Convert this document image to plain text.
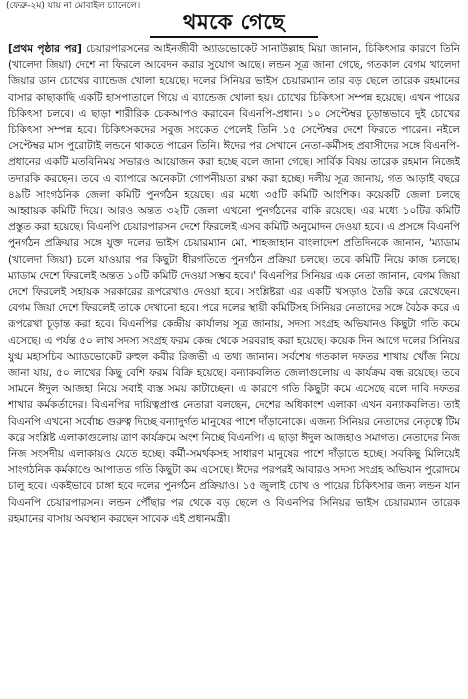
(ফেব্রু-২ম) যায় না মোবাইল চ্যানেলে।
থমকে গেছে

[প্রথম পৃষ্ঠার পর] চেয়ারপারসনের আইনজীবী অ্যাডভোকেট সানাউল্লাহ মিয়া জানান, চিকিৎসার কারণে তিনি (খালেদা জিয়া) দেশে না ফিরলে আবেদন করার সুযোগ আছে। লন্ডন সূত্র জানা গেছে, গতকাল বেগম খালেদা জিয়ার ডান চোখের ব্যান্ডেজ খোলা হয়েছে। দলের সিনিয়র ভাইস চেয়ারম্যান তার বড় ছেলে তারেক রহমানের বাসার কাছাকাছি একটি হাসপাতালে গিয়ে এ ব্যান্ডেজ খোলা হয়। চোখের চিকিৎসা সম্পন্ন হয়েছে। এখন পায়ের চিকিৎসা চলবে। এ ছাড়া শারীরিক চেকআপও করাবেন বিএনপি-প্রধান। ১০ সেপ্টেম্বর চূড়ান্তভাবে দুই চোখের চিকিৎসা সম্পন্ন হবে। চিকিৎসকদের সবুজ সংকেত পেলেই তিনি ১৫ সেপ্টেম্বর দেশে ফিরতে পারেন। নইলে সেপ্টেম্বর মাস পুরোটাই লন্ডনে থাকতে পারেন তিনি। ঈদের পর সেখানে নেতা-কর্মীসহ প্রবাসীদের সঙ্গে বিএনপি-প্রধানের একটি মতবিনিময় সভারও আয়োজন করা হচ্ছে বলে জানা গেছে। সার্বিক বিষয় তারেক রহমান নিজেই তদারকি করছেন। তবে এ ব্যাপারে অনেকটা গোপনীয়তা রক্ষা করা হচ্ছে। দলীয় সূত্র জানায়, গত আড়াই বছরে ৪৯টি সাংগঠনিক জেলা কমিটি পুনর্গঠন হয়েছে। এর মধ্যে ৩৫টি কমিটি আংশিক। কয়েকটি জেলা চলছে আহ্বায়ক কমিটি দিয়ে। আরও অন্তত ৩২টি জেলা এখনো পুনর্গঠনের বাকি রয়েছে। এর মধ্যে ১০টির কমিটি প্রস্তুত করা হয়েছে। বিএনপি চেয়ারপারসন দেশে ফিরলেই এসব কমিটি অনুমোদন দেওয়া হবে। এ প্রসঙ্গে বিএনপি পুনর্গঠন প্রক্রিয়ার সঙ্গে যুক্ত দলের ভাইস চেয়ারম্যান মো. শাহজাহান বাংলাদেশ প্রতিদিনকে জানান, 'ম্যাডাম (খালেদা জিয়া) চলে যাওয়ার পর কিছুটা ধীরগতিতে পুনর্গঠন প্রক্রিয়া চলছে। তবে কমিটি নিয়ে কাজ চলছে। ম্যাডাম দেশে ফিরলেই অন্তত ১০টি কমিটি দেওয়া সম্ভব হবে।' বিএনপির সিনিয়র এক নেতা জানান, বেগম জিয়া দেশে ফিরলেই সহায়ক সরকারের রূপরেখাও দেওয়া হবে। সংশ্লিষ্টরা এর একটি খসড়াও তৈরি করে রেখেছেন। বেগম জিয়া দেশে ফিরলেই তাকে দেখানো হবে। পরে দলের স্থায়ী কমিটিসহ সিনিয়র নেতাদের সঙ্গে বৈঠক করে এ রূপরেখা চূড়ান্ত করা হবে। বিএনপির কেন্দ্রীয় কার্যালয় সূত্র জানায়, সদস্য সংগ্রহ অভিযানও কিছুটা গতি কমে এসেছে। এ পর্যন্ত ৫০ লাখ সদস্য সংগ্রহ ফরম কেন্দ্র থেকে সরবরাহ করা হয়েছে। কয়েক দিন আগে দলের সিনিয়র যুগ্ম মহাসচিব অ্যাডভোকেট রুহুল কবীর রিজভী এ তথ্য জানান। সর্বশেষ গতকাল দফতর শাখায় খোঁজ নিয়ে জানা যায়, ৫০ লাখের কিছু বেশি ফরম বিক্রি হয়েছে। বন্যাকবলিত জেলাগুলোয় এ কার্যক্রম বন্ধ রয়েছে। তবে সামনে ঈদুল আজহা নিয়ে সবাই ব্যস্ত সময় কাটাচ্ছেন। এ কারণে গতি কিছুটা কমে এসেছে বলে দাবি দফতর শাখার কর্মকর্তাদের। বিএনপির দায়িত্বপ্রাপ্ত নেতারা বলছেন, দেশের অধিকাংশ এলাকা এখন বন্যাকবলিত। তাই বিএনপি এখনো সর্বোচ্চ গুরুত্ব দিচ্ছে বন্যাদুর্গত মানুষের পাশে দাঁড়ানোকে। এজন্য সিনিয়র নেতাদের নেতৃত্বে টিম করে সংশ্লিষ্ট এলাকাগুলোয় ত্রাণ কার্যক্রমে অংশ নিচ্ছে বিএনপি। এ ছাড়া ঈদুল আজহাও সমাগত। নেতাদের নিজ নিজ সংসদীয় এলাকায়ও যেতে হচ্ছে। কর্মী-সমর্থকসহ সাধারণ মানুষের পাশে দাঁড়াতে হচ্ছে। সবকিছু মিলিয়েই সাংগঠনিক কর্মকাণ্ডে আপাতত গতি কিছুটা কম এসেছে। ঈদের পরপরই আবারও সদস্য সংগ্রহ অভিযান পুরোদমে চালু হবে। একইভাবে চাঙ্গা হবে দলের পুনর্গঠন প্রক্রিয়াও। ১৫ জুলাই চোখ ও পায়ের চিকিৎসার জন্য লন্ডন যান বিএনপি চেয়ারপারসন। লন্ডন পৌঁছার পর থেকে বড় ছেলে ও বিএনপির সিনিয়র ভাইস চেয়ারম্যান তারেক রহমানের বাসায় অবস্থান করছেন সাবেক এই প্রধানমন্ত্রী।
